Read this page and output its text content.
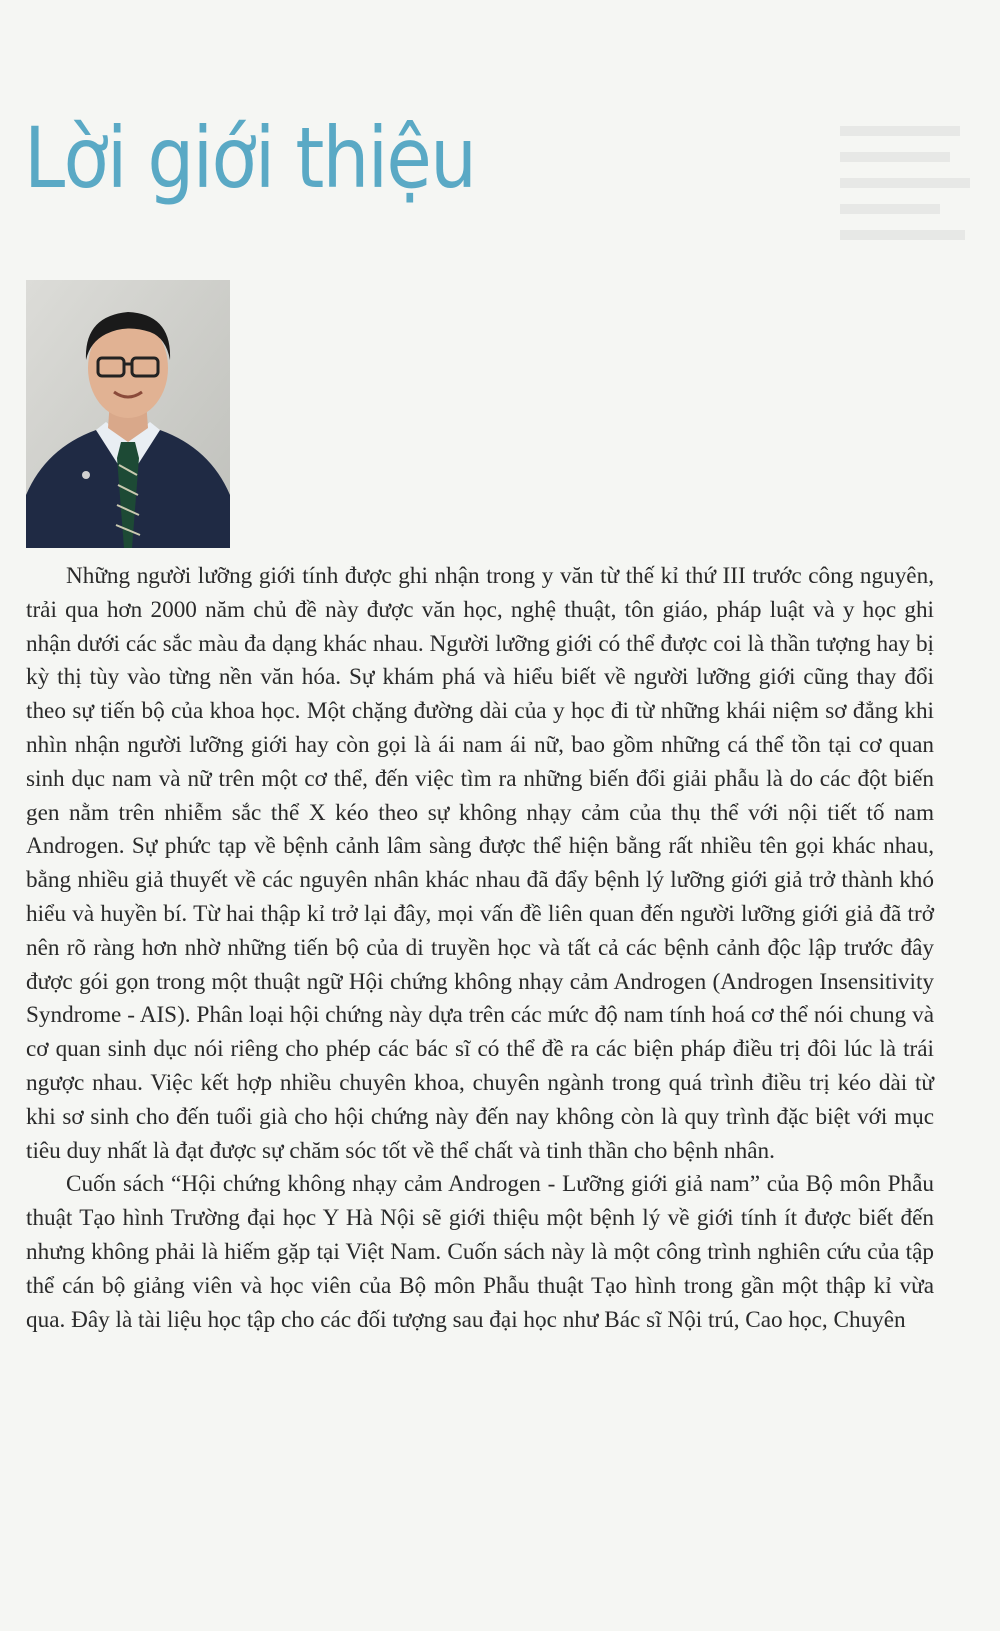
Lời giới thiệu

Những người lưỡng giới tính được ghi nhận trong y văn từ thế kỉ thứ III trước công nguyên, trải qua hơn 2000 năm chủ đề này được văn học, nghệ thuật, tôn giáo, pháp luật và y học ghi nhận dưới các sắc màu đa dạng khác nhau. Người lưỡng giới có thể được coi là thần tượng hay bị kỳ thị tùy vào từng nền văn hóa. Sự khám phá và hiểu biết về người lưỡng giới cũng thay đổi theo sự tiến bộ của khoa học. Một chặng đường dài của y học đi từ những khái niệm sơ đẳng khi nhìn nhận người lưỡng giới hay còn gọi là ái nam ái nữ, bao gồm những cá thể tồn tại cơ quan sinh dục nam và nữ trên một cơ thể, đến việc tìm ra những biến đổi giải phẫu là do các đột biến gen nằm trên nhiễm sắc thể X kéo theo sự không nhạy cảm của thụ thể với nội tiết tố nam Androgen. Sự phức tạp về bệnh cảnh lâm sàng được thể hiện bằng rất nhiều tên gọi khác nhau, bằng nhiều giả thuyết về các nguyên nhân khác nhau đã đẩy bệnh lý lưỡng giới giả trở thành khó hiểu và huyền bí. Từ hai thập kỉ trở lại đây, mọi vấn đề liên quan đến người lưỡng giới giả đã trở nên rõ ràng hơn nhờ những tiến bộ của di truyền học và tất cả các bệnh cảnh độc lập trước đây được gói gọn trong một thuật ngữ Hội chứng không nhạy cảm Androgen (Androgen Insensitivity Syndrome - AIS). Phân loại hội chứng này dựa trên các mức độ nam tính hoá cơ thể nói chung và cơ quan sinh dục nói riêng cho phép các bác sĩ có thể đề ra các biện pháp điều trị đôi lúc là trái ngược nhau. Việc kết hợp nhiều chuyên khoa, chuyên ngành trong quá trình điều trị kéo dài từ khi sơ sinh cho đến tuổi già cho hội chứng này đến nay không còn là quy trình đặc biệt với mục tiêu duy nhất là đạt được sự chăm sóc tốt về thể chất và tinh thần cho bệnh nhân.

Cuốn sách “Hội chứng không nhạy cảm Androgen - Lưỡng giới giả nam” của Bộ môn Phẫu thuật Tạo hình Trường đại học Y Hà Nội sẽ giới thiệu một bệnh lý về giới tính ít được biết đến nhưng không phải là hiếm gặp tại Việt Nam. Cuốn sách này là một công trình nghiên cứu của tập thể cán bộ giảng viên và học viên của Bộ môn Phẫu thuật Tạo hình trong gần một thập kỉ vừa qua. Đây là tài liệu học tập cho các đối tượng sau đại học như Bác sĩ Nội trú, Cao học, Chuyên
